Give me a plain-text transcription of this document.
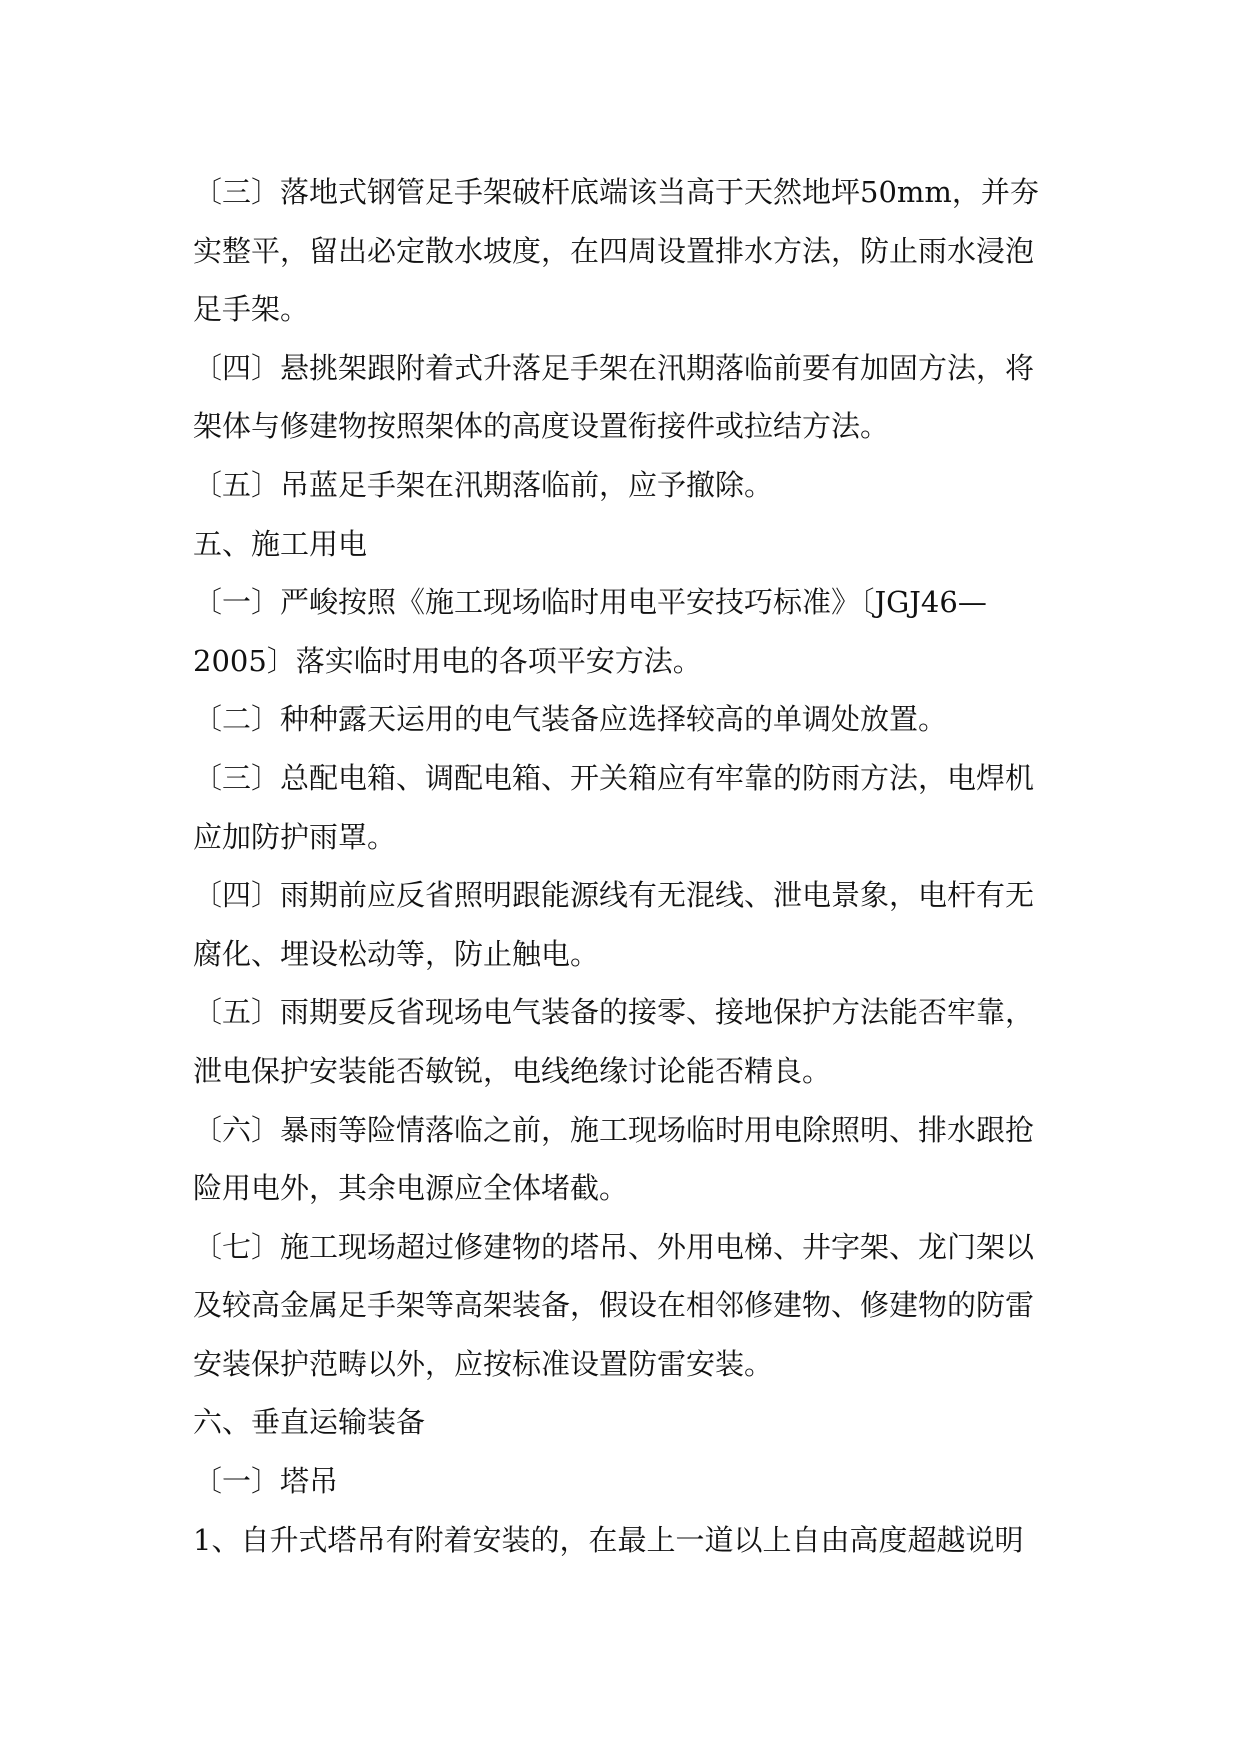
〔三〕落地式钢管足手架破杆底端该当高于天然地坪50mm，并夯
实整平，留出必定散水坡度，在四周设置排水方法，防止雨水浸泡
足手架。
〔四〕悬挑架跟附着式升落足手架在汛期落临前要有加固方法，将
架体与修建物按照架体的高度设置衔接件或拉结方法。
〔五〕吊蓝足手架在汛期落临前，应予撤除。
五、施工用电
〔一〕严峻按照《施工现场临时用电平安技巧标准》〔JGJ46—
2005〕落实临时用电的各项平安方法。
〔二〕种种露天运用的电气装备应选择较高的单调处放置。
〔三〕总配电箱、调配电箱、开关箱应有牢靠的防雨方法，电焊机
应加防护雨罩。
〔四〕雨期前应反省照明跟能源线有无混线、泄电景象，电杆有无
腐化、埋设松动等，防止触电。
〔五〕雨期要反省现场电气装备的接零、接地保护方法能否牢靠，
泄电保护安装能否敏锐，电线绝缘讨论能否精良。
〔六〕暴雨等险情落临之前，施工现场临时用电除照明、排水跟抢
险用电外，其余电源应全体堵截。
〔七〕施工现场超过修建物的塔吊、外用电梯、井字架、龙门架以
及较高金属足手架等高架装备，假设在相邻修建物、修建物的防雷
安装保护范畴以外，应按标准设置防雷安装。
六、垂直运输装备
〔一〕塔吊
1、自升式塔吊有附着安装的，在最上一道以上自由高度超越说明
